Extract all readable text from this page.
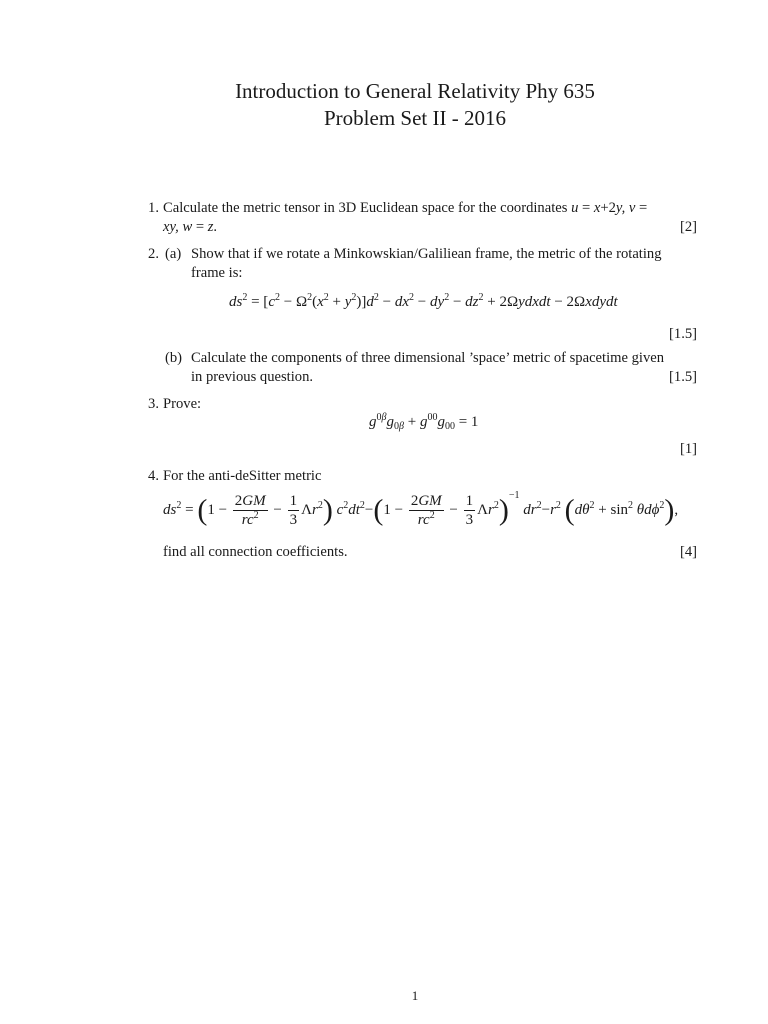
Introduction to General Relativity Phy 635
Problem Set II - 2016
1. Calculate the metric tensor in 3D Euclidean space for the coordinates u = x+2y, v =
xy, w = z.	[2]
2. (a) Show that if we rotate a Minkowskian/Galiliean frame, the metric of the rotating
frame is:
$ds^2 = [c^2 - \Omega^2(x^2 + y^2)]d^2 - dx^2 - dy^2 - dz^2$ + 2Ωydxdt − 2Ωxdydt
[1.5]
(b) Calculate the components of three dimensional ’space’ metric of spacetime given
in previous question.	[1.5]
3. Prove:
$g^{0\beta}g_{0\beta} + g^{00}g_{00} = 1$
[1]
4. For the anti-deSitter metric
$ds^2 = (1 - \frac{2GM}{rc^2} - \frac{1}{3} \Lambda r^2) c^2dt^2-(1 - \frac{2GM}{rc^2} - \frac{1}{3} \Lambda r^2)^{-1}$ $dr^2-r^2$ $(d\theta^2 + \sin^2 \theta d\phi^2)$,
find all connection coefficients.	[4]
1
